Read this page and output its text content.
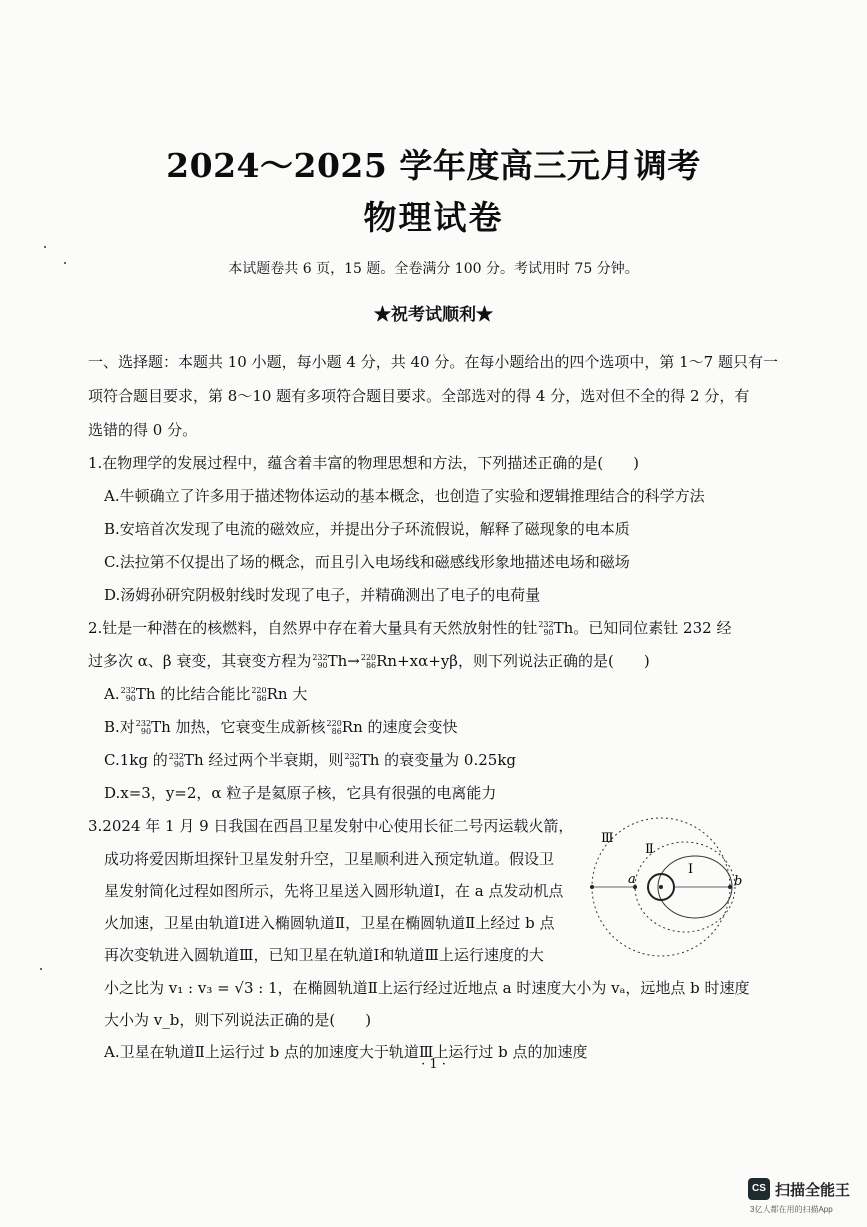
2024～2025 学年度高三元月调考
物理试卷
本试题卷共 6 页，15 题。全卷满分 100 分。考试用时 75 分钟。
★祝考试顺利★
一、选择题：本题共 10 小题，每小题 4 分，共 40 分。在每小题给出的四个选项中，第 1～7 题只有一
项符合题目要求，第 8～10 题有多项符合题目要求。全部选对的得 4 分，选对但不全的得 2 分，有
选错的得 0 分。
1.在物理学的发展过程中，蕴含着丰富的物理思想和方法，下列描述正确的是(　　)
A.牛顿确立了许多用于描述物体运动的基本概念，也创造了实验和逻辑推理结合的科学方法
B.安培首次发现了电流的磁效应，并提出分子环流假说，解释了磁现象的电本质
C.法拉第不仅提出了场的概念，而且引入电场线和磁感线形象地描述电场和磁场
D.汤姆孙研究阴极射线时发现了电子，并精确测出了电子的电荷量
2.钍是一种潜在的核燃料，自然界中存在着大量具有天然放射性的钍 232
90 Th。已知同位素钍 232 经
过多次 α、β 衰变，其衰变方程为 232
90 Th→ 220
86 Rn+xα+yβ，则下列说法正确的是(　　)
A. 232
90 Th 的比结合能比 220
86 Rn 大
B.对 232
90 Th 加热，它衰变生成新核 220
86 Rn 的速度会变快
C.1kg 的 232
90 Th 经过两个半衰期，则 232
90 Th 的衰变量为 0.25kg
D.x=3，y=2，α 粒子是氦原子核，它具有很强的电离能力
3.2024 年 1 月 9 日我国在西昌卫星发射中心使用长征二号丙运载火箭，
成功将爱因斯坦探针卫星发射升空，卫星顺利进入预定轨道。假设卫
星发射简化过程如图所示，先将卫星送入圆形轨道Ⅰ，在 a 点发动机点
火加速，卫星由轨道Ⅰ进入椭圆轨道Ⅱ，卫星在椭圆轨道Ⅱ上经过 b 点
再次变轨进入圆轨道Ⅲ，已知卫星在轨道Ⅰ和轨道Ⅲ上运行速度的大
小之比为 v₁ : v₃ = √3 : 1，在椭圆轨道Ⅱ上运行经过近地点 a 时速度大小为 vₐ，远地点 b 时速度
大小为 v_b，则下列说法正确的是(　　)
A.卫星在轨道Ⅱ上运行过 b 点的加速度大于轨道Ⅲ上运行过 b 点的加速度
Ⅲ
Ⅱ
Ⅰ
a	b
· 1 ·
CS 扫描全能王
3亿人都在用的扫描App
